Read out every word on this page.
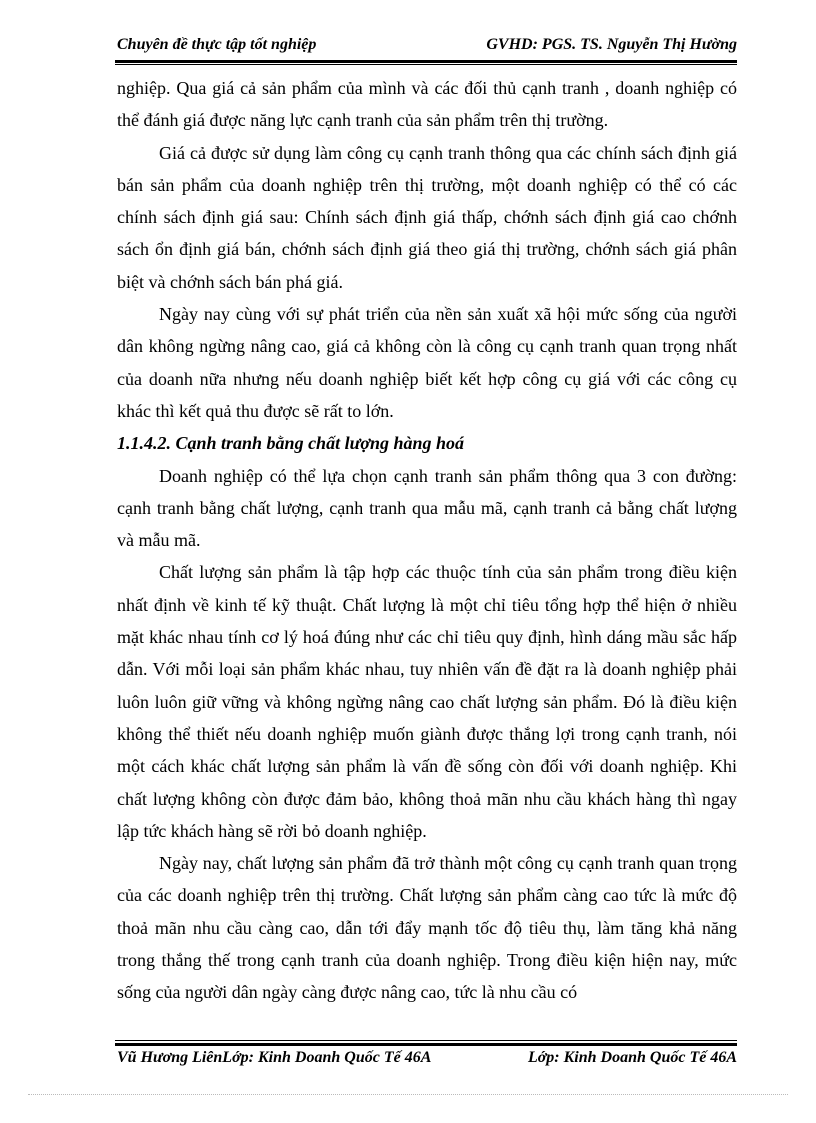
Chuyên đề thực tập tốt nghiệp	GVHD: PGS. TS. Nguyễn Thị Hường

nghiệp. Qua giá cả sản phẩm của mình và các đối thủ cạnh tranh , doanh nghiệp có thể đánh giá được năng lực cạnh tranh của sản phẩm trên thị trường.

Giá cả được sử dụng làm công cụ cạnh tranh thông qua các chính sách định giá bán sản phẩm của doanh nghiệp trên thị trường, một doanh nghiệp có thể có các chính sách định giá sau: Chính sách định giá thấp, chớnh sách định giá cao chớnh sách ổn định giá bán, chớnh sách định giá theo giá thị trường, chớnh sách giá phân biệt và chớnh sách bán phá giá.

Ngày nay cùng với sự phát triển của nền sản xuất xã hội mức sống của người dân không ngừng nâng cao, giá cả không còn là công cụ cạnh tranh quan trọng nhất của doanh nữa nhưng nếu doanh nghiệp biết kết hợp công cụ giá với các công cụ khác thì kết quả thu được sẽ rất to lớn.

1.1.4.2. Cạnh tranh bằng chất lượng hàng hoá

Doanh nghiệp có thể lựa chọn cạnh tranh sản phẩm thông qua 3 con đường: cạnh tranh bằng chất lượng, cạnh tranh qua mẫu mã, cạnh tranh cả bằng chất lượng và mẫu mã.

Chất lượng sản phẩm là tập hợp các thuộc tính của sản phẩm trong điều kiện nhất định về kinh tế kỹ thuật. Chất lượng là một chỉ tiêu tổng hợp thể hiện ở nhiều mặt khác nhau tính cơ lý hoá đúng như các chỉ tiêu quy định, hình dáng mầu sắc hấp dẫn. Với mỗi loại sản phẩm khác nhau, tuy nhiên vấn đề đặt ra là doanh nghiệp phải luôn luôn giữ vững và không ngừng nâng cao chất lượng sản phẩm. Đó là điều kiện không thể thiết nếu doanh nghiệp muốn giành được thắng lợi trong cạnh tranh, nói một cách khác chất lượng sản phẩm là vấn đề sống còn đối với doanh nghiệp. Khi chất lượng không còn được đảm bảo, không thoả mãn nhu cầu khách hàng thì ngay lập tức khách hàng sẽ rời bỏ doanh nghiệp.

Ngày nay, chất lượng sản phẩm đã trở thành một công cụ cạnh tranh quan trọng của các doanh nghiệp trên thị trường. Chất lượng sản phẩm càng cao tức là mức độ thoả mãn nhu cầu càng cao, dẫn tới đẩy mạnh tốc độ tiêu thụ, làm tăng khả năng trong thắng thế trong cạnh tranh của doanh nghiệp. Trong điều kiện hiện nay, mức sống của người dân ngày càng được nâng cao, tức là nhu cầu có

Vũ Hương LiênLớp: Kinh Doanh Quốc Tế 46A	Lớp: Kinh Doanh Quốc Tế 46A
